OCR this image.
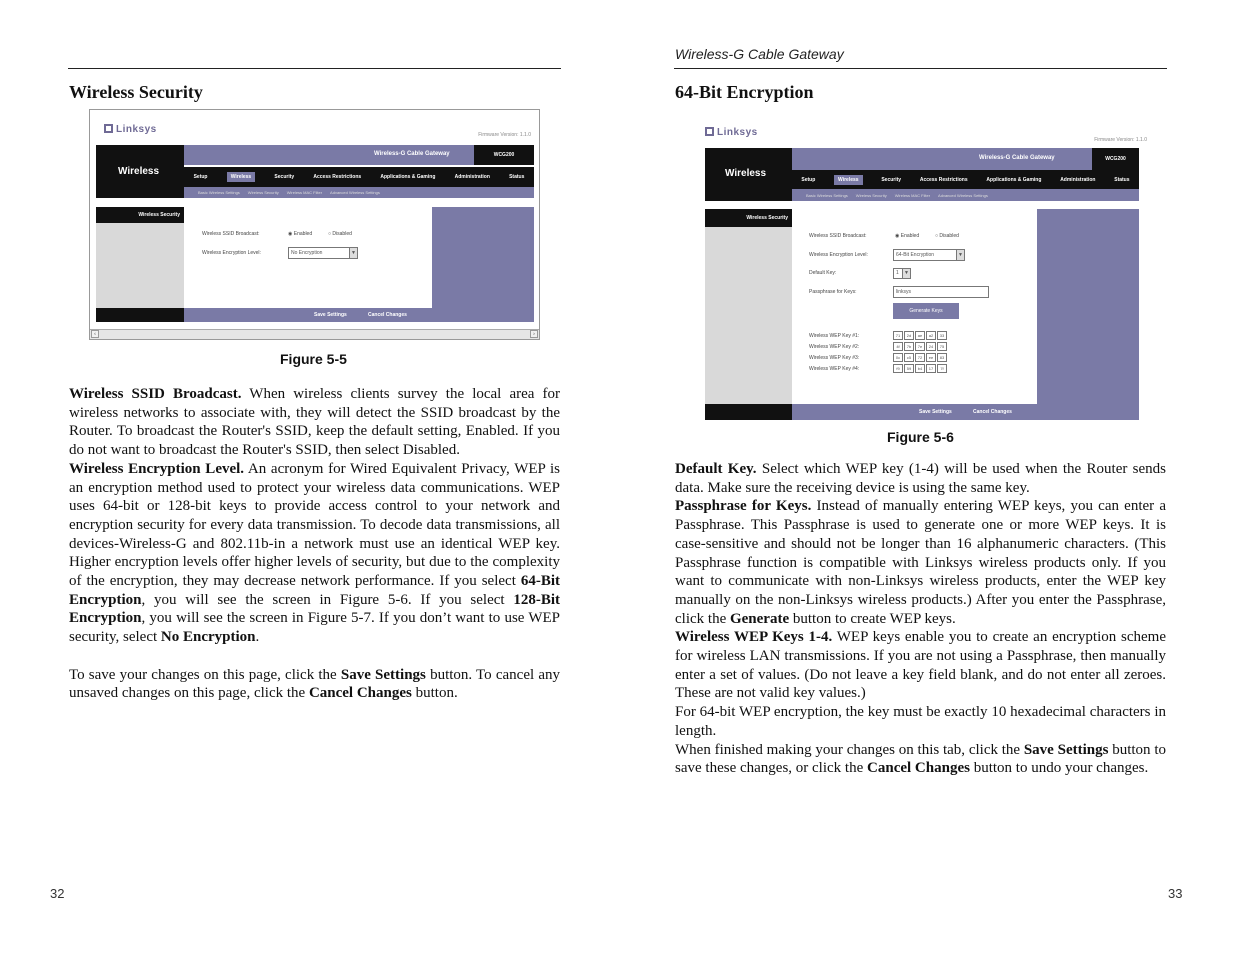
Wireless Security
Linksys	Firmware Version: 1.1.0
Wireless
Wireless-G Cable Gateway	WCG200
Setup	Wireless	Security	Access Restrictions	Applications & Gaming	Administration	Status
Basic Wireless Settings Wireless Security Wireless MAC Filter Advanced Wireless Settings
Wireless Security
Wireless SSID Broadcast:	◉ Enabled	○ Disabled
Wireless Encryption Level:	No Encryption	▼
Save Settings	Cancel Changes
‹	›
Figure 5-5

Wireless SSID Broadcast. When wireless clients survey the local area for wireless networks to associate with, they will detect the SSID broadcast by the Router. To broadcast the Router's SSID, keep the default setting, Enabled. If you do not want to broadcast the Router's SSID, then select Disabled.

Wireless Encryption Level. An acronym for Wired Equivalent Privacy, WEP is an encryption method used to protect your wireless data communications. WEP uses 64-bit or 128-bit keys to provide access control to your network and encryption security for every data transmission. To decode data transmissions, all devices-Wireless-G and 802.11b-in a network must use an identical WEP key. Higher encryption levels offer higher levels of security, but due to the complexity of the encryption, they may decrease network performance. If you select 64-Bit Encryption, you will see the screen in Figure 5-6. If you select 128-Bit Encryption, you will see the screen in Figure 5-7. If you don’t want to use WEP security, select No Encryption.

To save your changes on this page, click the Save Settings button. To cancel any unsaved changes on this page, click the Cancel Changes button.

32
Wireless-G Cable Gateway
64-Bit Encryption
Linksys
Firmware Version: 1.1.0
Wireless
Wireless-G Cable Gateway	WCG200
Setup	Wireless	Security	Access Restrictions	Applications & Gaming	Administration	Status
Basic Wireless Settings Wireless Security Wireless MAC Filter Advanced Wireless Settings
Wireless Security
Wireless SSID Broadcast:	◉ Enabled	○ Disabled
Wireless Encryption Level:	64-Bit Encryption	▼
Default Key:	1	▼
Passphrase for Keys:	linksys
Generate Keys
Wireless WEP Key #1:	71	2d	ae	a2	33
Wireless WEP Key #2:	4f	7b	7e	24	75
Wireless WEP Key #3:	0c	c5	72	ee	83
Wireless WEP Key #4:	f9	59	b4	17	7f
Save Settings	Cancel Changes
Figure 5-6

Default Key. Select which WEP key (1-4) will be used when the Router sends data. Make sure the receiving device is using the same key.

Passphrase for Keys. Instead of manually entering WEP keys, you can enter a Passphrase. This Passphrase is used to generate one or more WEP keys. It is case-sensitive and should not be longer than 16 alphanumeric characters. (This Passphrase function is compatible with Linksys wireless products only. If you want to communicate with non-Linksys wireless products, enter the WEP key manually on the non-Linksys wireless products.) After you enter the Passphrase, click the Generate button to create WEP keys.

Wireless WEP Keys 1-4. WEP keys enable you to create an encryption scheme for wireless LAN transmissions. If you are not using a Passphrase, then manually enter a set of values. (Do not leave a key field blank, and do not enter all zeroes. These are not valid key values.)

For 64-bit WEP encryption, the key must be exactly 10 hexadecimal characters in length.

When finished making your changes on this tab, click the Save Settings button to save these changes, or click the Cancel Changes button to undo your changes.

33
